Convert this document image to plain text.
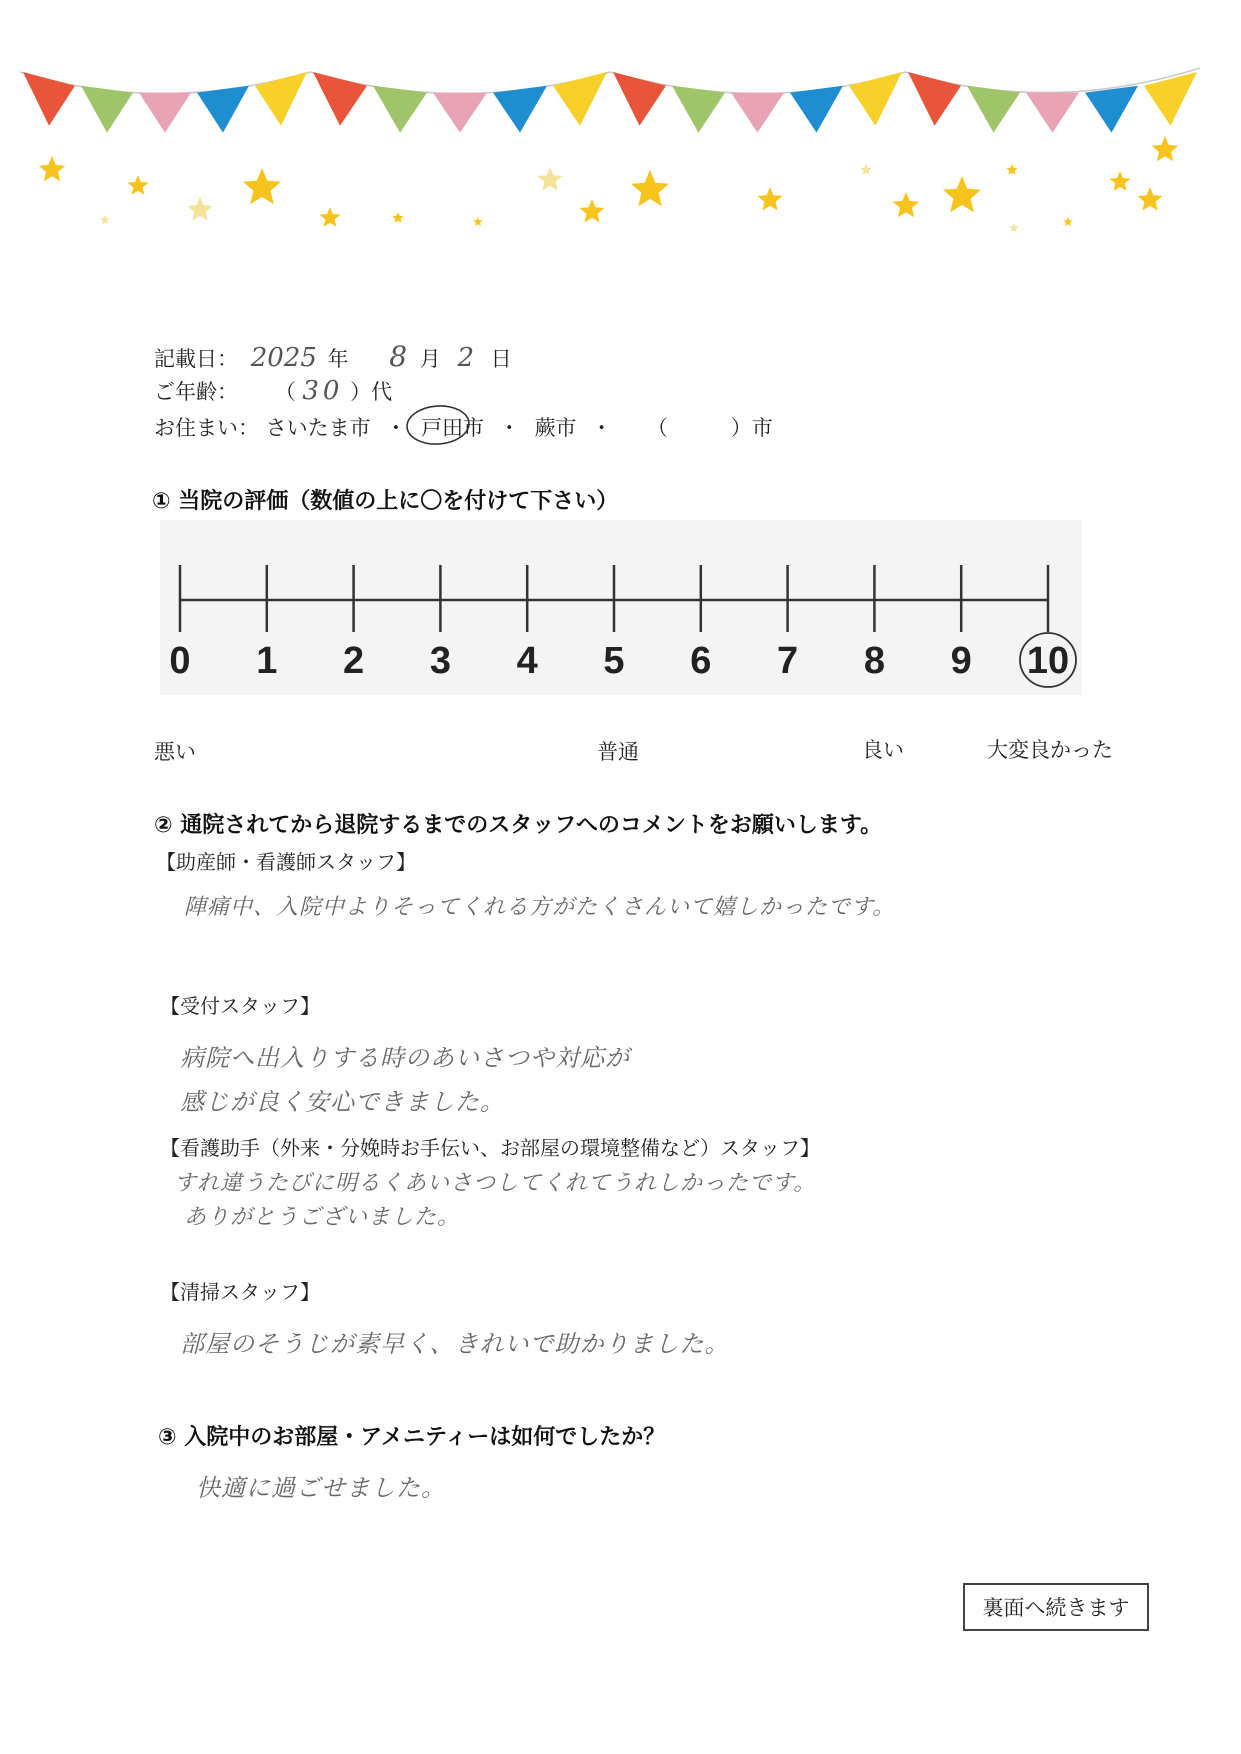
記載日： 2025 年 8 月 2 日
ご年齢： （ 30 ）代
お住まい： さいたま市 ・ 戸田市 ・ 蕨市 ・ （　　　）市
① 当院の評価（数値の上に〇を付けて下さい）
0	1	2	3	4	5	6	7	8	9	10
悪い	普通	良い	大変良かった
② 通院されてから退院するまでのスタッフへのコメントをお願いします。
【助産師・看護師スタッフ】
陣痛中、入院中よりそってくれる方がたくさんいて嬉しかったです。
【受付スタッフ】
病院へ出入りする時のあいさつや対応が
感じが良く安心できました。
【看護助手（外来・分娩時お手伝い、お部屋の環境整備など）スタッフ】
すれ違うたびに明るくあいさつしてくれてうれしかったです。
ありがとうございました。
【清掃スタッフ】
部屋のそうじが素早く、きれいで助かりました。
③ 入院中のお部屋・アメニティーは如何でしたか？
快適に過ごせました。
裏面へ続きます
